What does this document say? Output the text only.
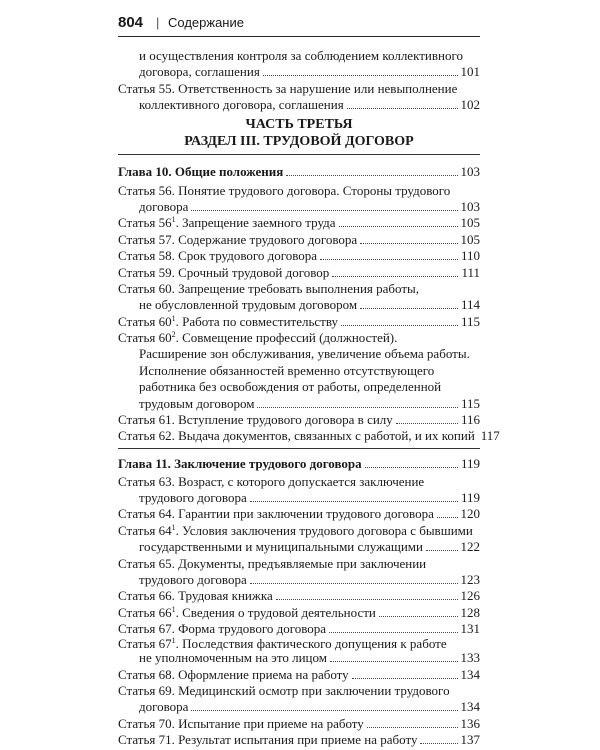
804 | Содержание
и осуществления контроля за соблюдением коллективного
договора, соглашения	101
Статья 55. Ответственность за нарушение или невыполнение
коллективного договора, соглашения	102
ЧАСТЬ ТРЕТЬЯ
РАЗДЕЛ III. ТРУДОВОЙ ДОГОВОР
Глава 10. Общие положения	103
Статья 56. Понятие трудового договора. Стороны трудового
договора	103
Статья $56^1$. Запрещение заемного труда	105
Статья 57. Содержание трудового договора	105
Статья 58. Срок трудового договора	110
Статья 59. Срочный трудовой договор	111
Статья 60. Запрещение требовать выполнения работы,
не обусловленной трудовым договором	114
Статья $60^1$. Работа по совместительству	115
Статья $60^2$. Совмещение профессий (должностей).
Расширение зон обслуживания, увеличение объема работы.
Исполнение обязанностей временно отсутствующего
работника без освобождения от работы, определенной
трудовым договором	115
Статья 61. Вступление трудового договора в силу	116
Статья 62. Выдача документов, связанных с работой, и их копий 117
Глава 11. Заключение трудового договора	119
Статья 63. Возраст, с которого допускается заключение
трудового договора	119
Статья 64. Гарантии при заключении трудового договора 120
Статья $64^1$. Условия заключения трудового договора с бывшими
государственными и муниципальными служащими	122
Статья 65. Документы, предъявляемые при заключении
трудового договора	123
Статья 66. Трудовая книжка	126
Статья $66^1$. Сведения о трудовой деятельности	128
Статья 67. Форма трудового договора	131
Статья $67^1$. Последствия фактического допущения к работе
не уполномоченным на это лицом	133
Статья 68. Оформление приема на работу	134
Статья 69. Медицинский осмотр при заключении трудового
договора	134
Статья 70. Испытание при приеме на работу	136
Статья 71. Результат испытания при приеме на работу	137
